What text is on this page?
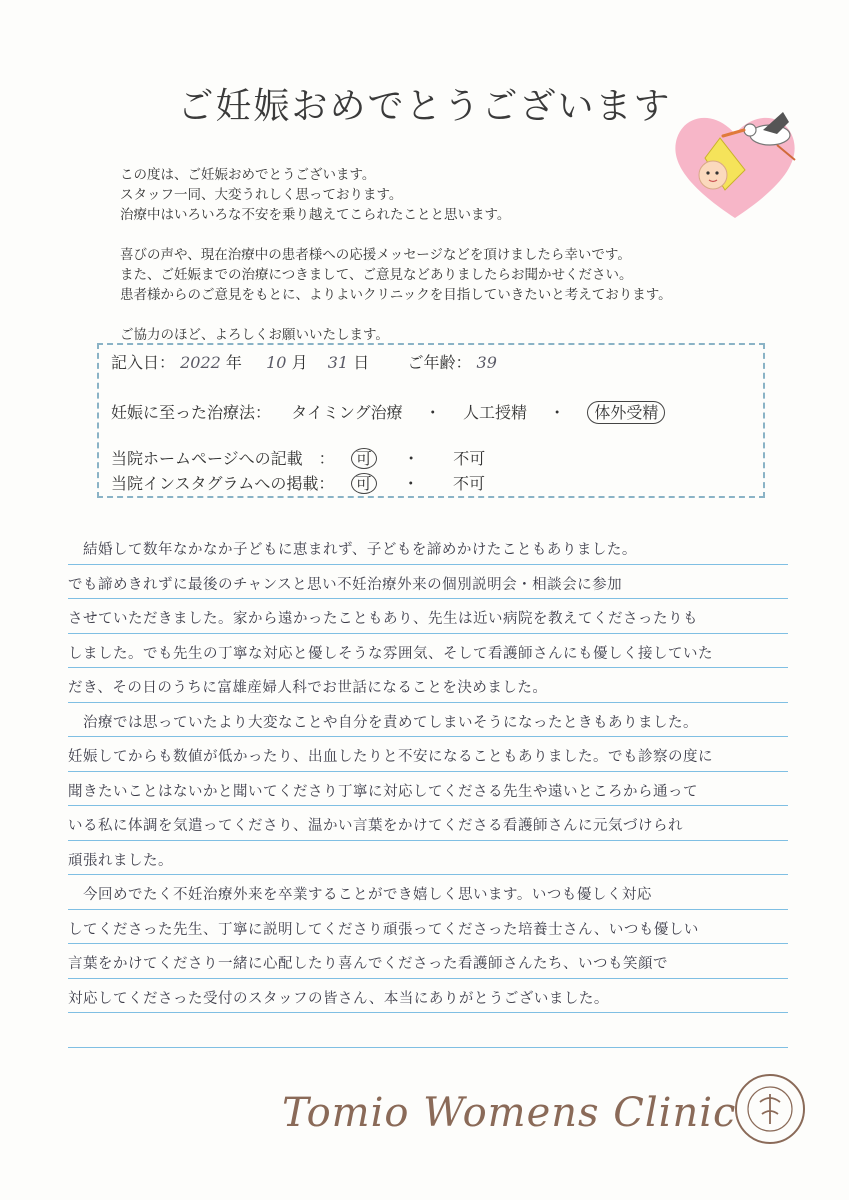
ご妊娠おめでとうございます
この度は、ご妊娠おめでとうございます。
スタッフ一同、大変うれしく思っております。
治療中はいろいろな不安を乗り越えてこられたことと思います。
喜びの声や、現在治療中の患者様への応援メッセージなどを頂けましたら幸いです。
また、ご妊娠までの治療につきまして、ご意見などありましたらお聞かせください。
患者様からのご意見をもとに、よりよいクリニックを目指していきたいと考えております。
ご協力のほど、よろしくお願いいたします。
記入日： 2022 年 10 月 31 日 ご年齢： 39
妊娠に至った治療法： タイミング治療 ・ 人工授精 ・ 体外受精
当院ホームページへの記載　： 可 ・ 不可
当院インスタグラムへの掲載： 可 ・ 不可
　結婚して数年なかなか子どもに恵まれず、子どもを諦めかけたこともありました。
でも諦めきれずに最後のチャンスと思い不妊治療外来の個別説明会・相談会に参加
させていただきました。家から遠かったこともあり、先生は近い病院を教えてくださったりも
しました。でも先生の丁寧な対応と優しそうな雰囲気、そして看護師さんにも優しく接していた
だき、その日のうちに富雄産婦人科でお世話になることを決めました。
　治療では思っていたより大変なことや自分を責めてしまいそうになったときもありました。
妊娠してからも数値が低かったり、出血したりと不安になることもありました。でも診察の度に
聞きたいことはないかと聞いてくださり丁寧に対応してくださる先生や遠いところから通って
いる私に体調を気遣ってくださり、温かい言葉をかけてくださる看護師さんに元気づけられ
頑張れました。
　今回めでたく不妊治療外来を卒業することができ嬉しく思います。いつも優しく対応
してくださった先生、丁寧に説明してくださり頑張ってくださった培養士さん、いつも優しい
言葉をかけてくださり一緒に心配したり喜んでくださった看護師さんたち、いつも笑顔で
対応してくださった受付のスタッフの皆さん、本当にありがとうございました。
Tomio Womens Clinic
